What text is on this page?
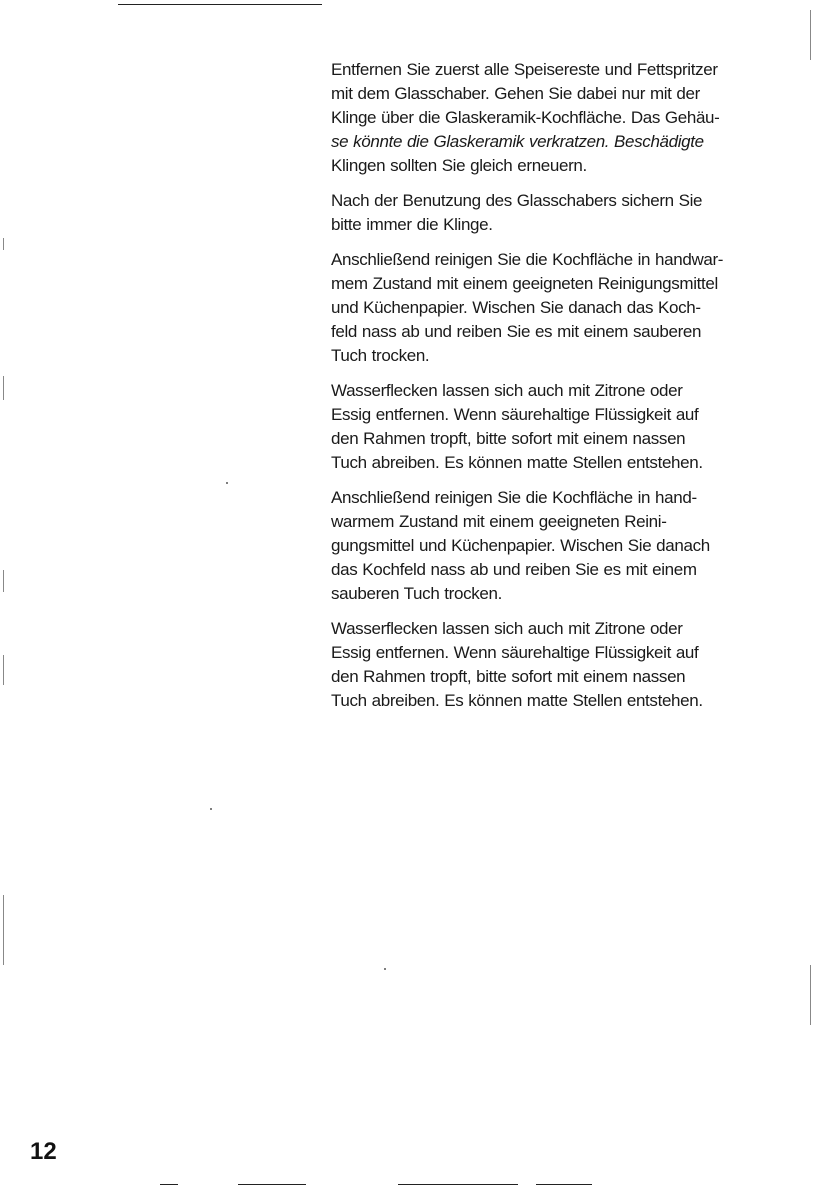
Entfernen Sie zuerst alle Speisereste und Fettspritzer
mit dem Glasschaber. Gehen Sie dabei nur mit der
Klinge über die Glaskeramik-Kochfläche. Das Gehäu-
se könnte die Glaskeramik verkratzen. Beschädigte
Klingen sollten Sie gleich erneuern.

Nach der Benutzung des Glasschabers sichern Sie
bitte immer die Klinge.

Anschließend reinigen Sie die Kochfläche in handwar-
mem Zustand mit einem geeigneten Reinigungsmittel
und Küchenpapier. Wischen Sie danach das Koch-
feld nass ab und reiben Sie es mit einem sauberen
Tuch trocken.

Wasserflecken lassen sich auch mit Zitrone oder
Essig entfernen. Wenn säurehaltige Flüssigkeit auf
den Rahmen tropft, bitte sofort mit einem nassen
Tuch abreiben. Es können matte Stellen entstehen.

Anschließend reinigen Sie die Kochfläche in hand-
warmem Zustand mit einem geeigneten Reini-
gungsmittel und Küchenpapier. Wischen Sie danach
das Kochfeld nass ab und reiben Sie es mit einem
sauberen Tuch trocken.

Wasserflecken lassen sich auch mit Zitrone oder
Essig entfernen. Wenn säurehaltige Flüssigkeit auf
den Rahmen tropft, bitte sofort mit einem nassen
Tuch abreiben. Es können matte Stellen entstehen.

12
